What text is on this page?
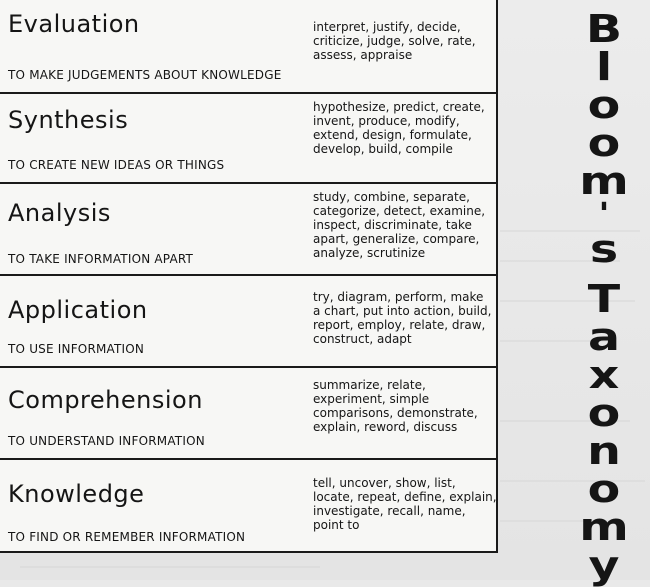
Evaluation
TO MAKE JUDGEMENTS ABOUT KNOWLEDGE
interpret, justify, decide,
criticize, judge, solve, rate,
assess, appraise
Synthesis
TO CREATE NEW IDEAS OR THINGS
hypothesize, predict, create,
invent, produce, modify,
extend, design, formulate,
develop, build, compile
Analysis
TO TAKE INFORMATION APART
study, combine, separate,
categorize, detect, examine,
inspect, discriminate, take
apart, generalize, compare,
analyze, scrutinize
Application
TO USE INFORMATION
try, diagram, perform, make
a chart, put into action, build,
report, employ, relate, draw,
construct, adapt
Comprehension
TO UNDERSTAND INFORMATION
summarize, relate,
experiment, simple
comparisons, demonstrate,
explain, reword, discuss
Knowledge
TO FIND OR REMEMBER INFORMATION
tell, uncover, show, list,
locate, repeat, define, explain,
investigate, recall, name,
point to
B
l
o
o
m
'
s
T
a
x
o
n
o
m
y
